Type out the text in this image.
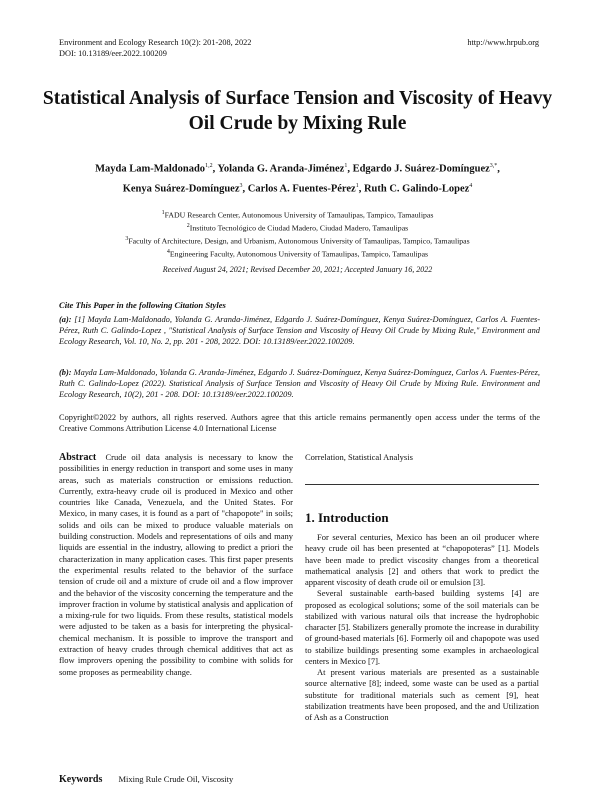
Environment and Ecology Research 10(2): 201-208, 2022
DOI: 10.13189/eer.2022.100209
http://www.hrpub.org
Statistical Analysis of Surface Tension and Viscosity of Heavy Oil Crude by Mixing Rule
Mayda Lam-Maldonado$^{1,2}$, Yolanda G. Aranda-Jiménez$^1$, Edgardo J. Suárez-Domínguez$^{3,*}$,
Kenya Suárez-Domínguez$^3$, Carlos A. Fuentes-Pérez$^1$, Ruth C. Galindo-Lopez$^4$
$^1$FADU Research Center, Autonomous University of Tamaulipas, Tampico, Tamaulipas
$^2$Instituto Tecnológico de Ciudad Madero, Ciudad Madero, Tamaulipas
$^3$Faculty of Architecture, Design, and Urbanism, Autonomous University of Tamaulipas, Tampico, Tamaulipas
$^4$Engineering Faculty, Autonomous University of Tamaulipas, Tampico, Tamaulipas
Received August 24, 2021; Revised December 20, 2021; Accepted January 16, 2022
Cite This Paper in the following Citation Styles
(a): [1] Mayda Lam-Maldonado, Yolanda G. Aranda-Jiménez, Edgardo J. Suárez-Domínguez, Kenya Suárez-Domínguez, Carlos A. Fuentes-Pérez, Ruth C. Galindo-Lopez , "Statistical Analysis of Surface Tension and Viscosity of Heavy Oil Crude by Mixing Rule," Environment and Ecology Research, Vol. 10, No. 2, pp. 201 - 208, 2022. DOI: 10.13189/eer.2022.100209.
(b): Mayda Lam-Maldonado, Yolanda G. Aranda-Jiménez, Edgardo J. Suárez-Domínguez, Kenya Suárez-Domínguez, Carlos A. Fuentes-Pérez, Ruth C. Galindo-Lopez (2022). Statistical Analysis of Surface Tension and Viscosity of Heavy Oil Crude by Mixing Rule. Environment and Ecology Research, 10(2), 201 - 208. DOI: 10.13189/eer.2022.100209.
Copyright©2022 by authors, all rights reserved. Authors agree that this article remains permanently open access under the terms of the Creative Commons Attribution License 4.0 International License
Abstract Crude oil data analysis is necessary to know the possibilities in energy reduction in transport and some uses in many areas, such as materials construction or emissions reduction. Currently, extra-heavy crude oil is produced in Mexico and other countries like Canada, Venezuela, and the United States. For Mexico, in many cases, it is found as a part of "chapopote" in soils; solids and oils can be mixed to produce valuable materials on building construction. Models and representations of oils and many liquids are essential in the industry, allowing to predict a priori the characterization in many application cases. This first paper presents the experimental results related to the behavior of the surface tension of crude oil and a mixture of crude oil and a flow improver and the behavior of the viscosity concerning the temperature and the improver fraction in volume by statistical analysis and application of a mixing-rule for two liquids. From these results, statistical models were adjusted to be taken as a basis for interpreting the physical-chemical mechanism. It is possible to improve the transport and extraction of heavy crudes through chemical additives that act as flow improvers opening the possibility to combine with solids for some proposes as permeability change.
Keywords Mixing Rule Crude Oil, Viscosity
Correlation, Statistical Analysis
1. Introduction

For several centuries, Mexico has been an oil producer where heavy crude oil has been presented at “chapopoteras” [1]. Models have been made to predict viscosity changes from a theoretical mathematical analysis [2] and others that work to predict the apparent viscosity of death crude oil or emulsion [3].

Several sustainable earth-based building systems [4] are proposed as ecological solutions; some of the soil materials can be stabilized with various natural oils that increase the hydrophobic character [5]. Stabilizers generally promote the increase in durability of ground-based materials [6]. Formerly oil and chapopote was used to stabilize buildings presenting some examples in archaeological centers in Mexico [7].

At present various materials are presented as a sustainable source alternative [8]; indeed, some waste can be used as a partial substitute for traditional materials such as cement [9], heat stabilization treatments have been proposed, and the and Utilization of Ash as a Construction
